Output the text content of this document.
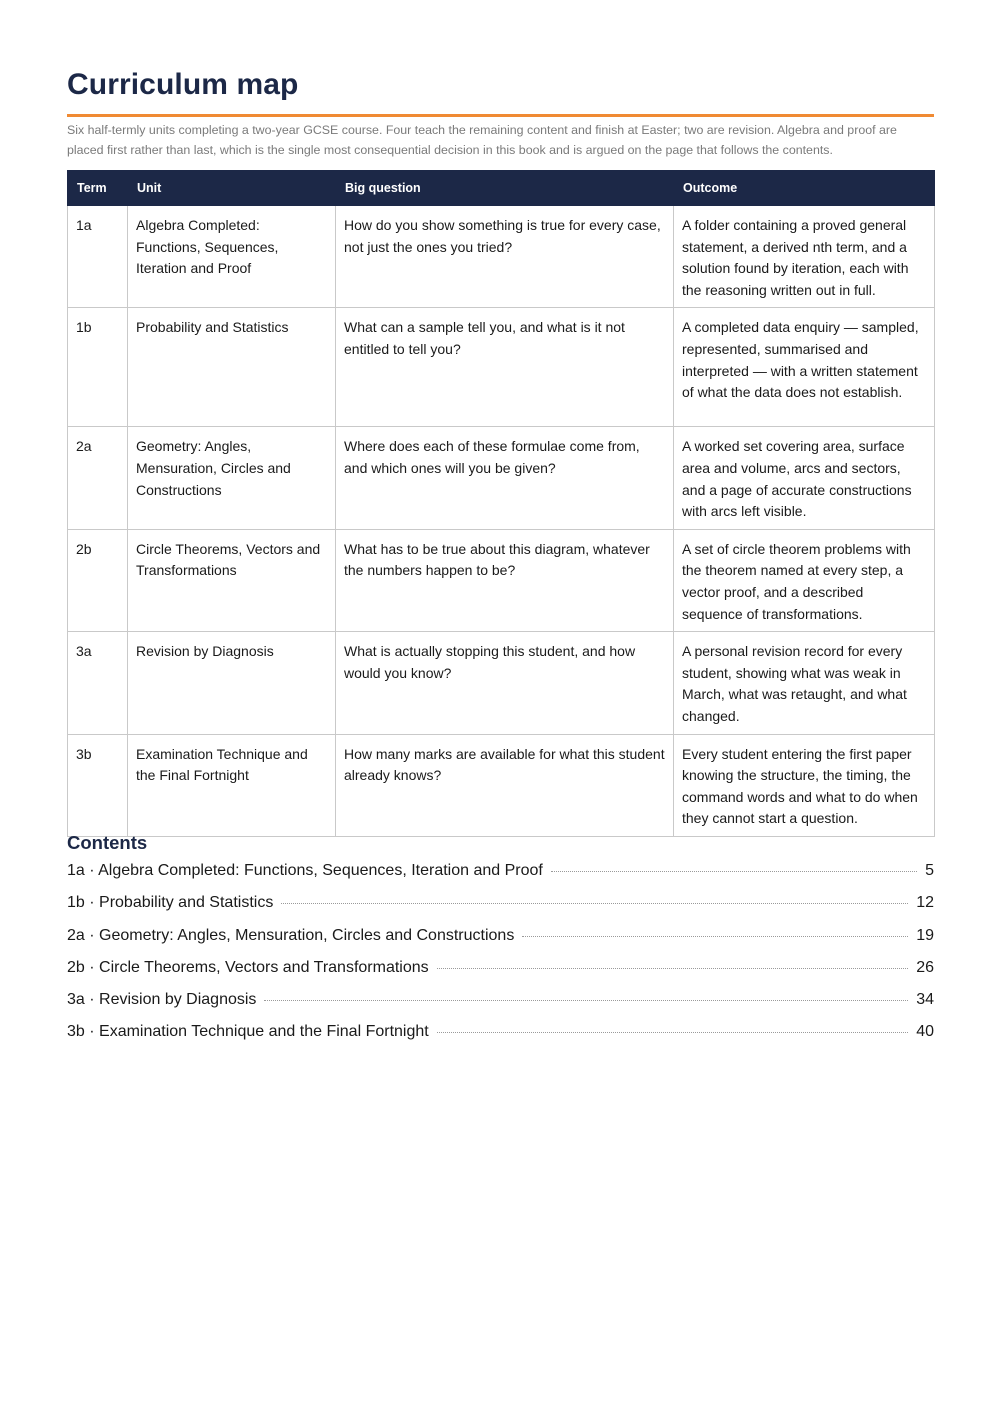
Curriculum map

Six half-termly units completing a two-year GCSE course. Four teach the remaining content and finish at Easter; two are revision. Algebra and proof are placed first rather than last, which is the single most consequential decision in this book and is argued on the page that follows the contents.

Term	Unit	Big question	Outcome
1a	Algebra Completed: Functions, Sequences, Iteration and Proof	How do you show something is true for every case, not just the ones you tried?	A folder containing a proved general statement, a derived nth term, and a solution found by iteration, each with the reasoning written out in full.
1b	Probability and Statistics	What can a sample tell you, and what is it not entitled to tell you?	A completed data enquiry — sampled, represented, summarised and interpreted — with a written statement of what the data does not establish.
2a	Geometry: Angles, Mensuration, Circles and Constructions	Where does each of these formulae come from, and which ones will you be given?	A worked set covering area, surface area and volume, arcs and sectors, and a page of accurate constructions with arcs left visible.
2b	Circle Theorems, Vectors and Transformations	What has to be true about this diagram, whatever the numbers happen to be?	A set of circle theorem problems with the theorem named at every step, a vector proof, and a described sequence of transformations.
3a	Revision by Diagnosis	What is actually stopping this student, and how would you know?	A personal revision record for every student, showing what was weak in March, what was retaught, and what changed.
3b	Examination Technique and the Final Fortnight	How many marks are available for what this student already knows?	Every student entering the first paper knowing the structure, the timing, the command words and what to do when they cannot start a question.
Contents
1a · Algebra Completed: Functions, Sequences, Iteration and Proof	5
1b · Probability and Statistics	12
2a · Geometry: Angles, Mensuration, Circles and Constructions	19
2b · Circle Theorems, Vectors and Transformations	26
3a · Revision by Diagnosis	34
3b · Examination Technique and the Final Fortnight	40
